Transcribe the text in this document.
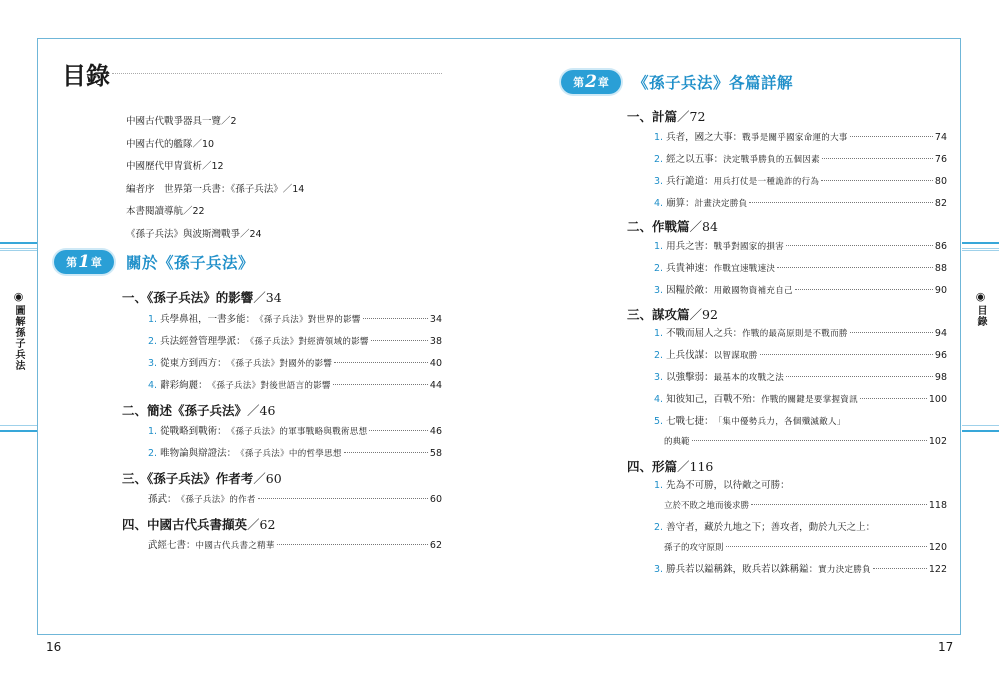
◉
圖解孫子兵法
◉
目錄
16	17
目錄
中國古代戰爭器具一覽／2
中國古代的艦隊／10
中國歷代甲冑賞析／12
編者序　世界第一兵書：《孫子兵法》／14
本書閱讀導航／22
《孫子兵法》與波斯灣戰爭／24
第 1 章 關於《孫子兵法》
一、《孫子兵法》的影響／34
1. 兵學鼻祖，一書多能： 《孫子兵法》對世界的影響	34
2. 兵法經營管理學派： 《孫子兵法》對經濟領域的影響	38
3. 從東方到西方： 《孫子兵法》對國外的影響	40
4. 辭彩絢麗： 《孫子兵法》對後世語言的影響	44
二、簡述《孫子兵法》／46
1. 從戰略到戰術： 《孫子兵法》的軍事戰略與戰術思想	46
2. 唯物論與辯證法： 《孫子兵法》中的哲學思想	58
三、《孫子兵法》作者考／60
孫武： 《孫子兵法》的作者	60
四、中國古代兵書擷英／62
武經七書： 中國古代兵書之精華	62
第 2 章 《孫子兵法》各篇詳解
一、計篇／72
1. 兵者，國之大事： 戰爭是關乎國家命運的大事	74
2. 經之以五事： 決定戰爭勝負的五個因素	76
3. 兵行詭道： 用兵打仗是一種詭詐的行為	80
4. 廟算： 計畫決定勝負	82
二、作戰篇／84
1. 用兵之害： 戰爭對國家的損害	86
2. 兵貴神速： 作戰宜速戰速決	88
3. 因糧於敵： 用敵國物資補充自己	90
三、謀攻篇／92
1. 不戰而屈人之兵： 作戰的最高原則是不戰而勝	94
2. 上兵伐謀： 以智謀取勝	96
3. 以強擊弱： 最基本的攻戰之法	98
4. 知彼知己，百戰不殆： 作戰的關鍵是要掌握資訊	100
5. 七戰七捷： 「集中優勢兵力，各個殲滅敵人」
的典範	102
四、形篇／116
1. 先為不可勝，以待敵之可勝：
立於不敗之地而後求勝	118
2. 善守者，藏於九地之下；善攻者，動於九天之上：
孫子的攻守原則	120
3. 勝兵若以鎰稱銖，敗兵若以銖稱鎰： 實力決定勝負	122
